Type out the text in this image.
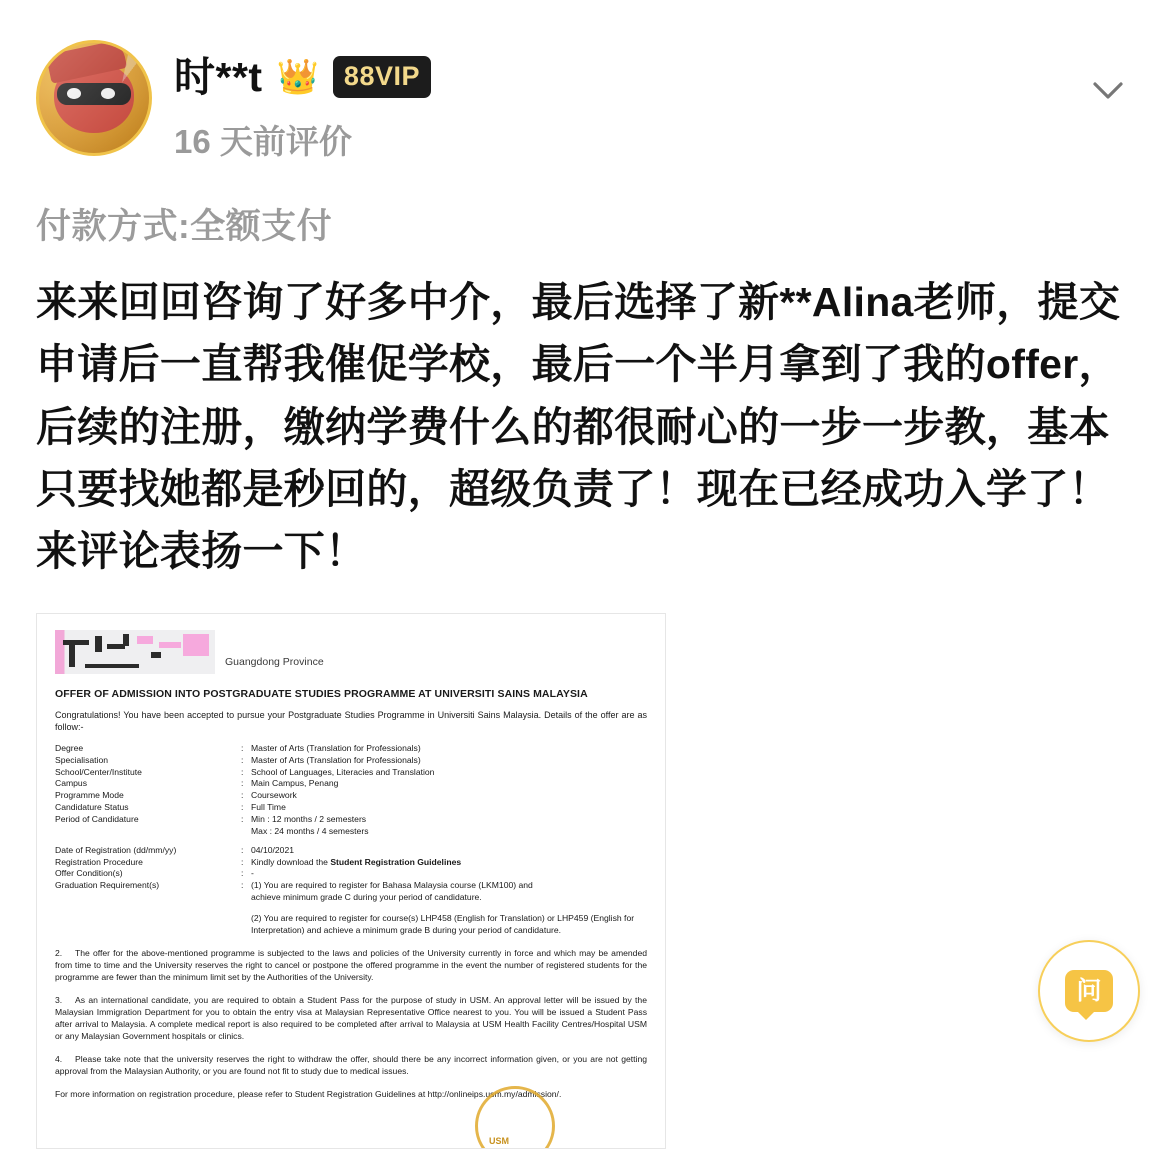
时**t 👑 88VIP
16 天前评价
付款方式:全额支付
来来回回咨询了好多中介，最后选择了新**Alina老师，提交申请后一直帮我催促学校，最后一个半月拿到了我的offer，后续的注册，缴纳学费什么的都很耐心的一步一步教，基本只要找她都是秒回的，超级负责了！现在已经成功入学了！来评论表扬一下！
Guangdong Province
OFFER OF ADMISSION INTO POSTGRADUATE STUDIES PROGRAMME AT UNIVERSITI SAINS MALAYSIA
Congratulations! You have been accepted to pursue your Postgraduate Studies Programme in Universiti Sains Malaysia. Details of the offer are as follow:-
Degree	: Master of Arts (Translation for Professionals)
Specialisation	: Master of Arts (Translation for Professionals)
School/Center/Institute	: School of Languages, Literacies and Translation
Campus	: Main Campus, Penang
Programme Mode	: Coursework
Candidature Status	: Full Time
Period of Candidature	: Min : 12 months / 2 semesters
Max : 24 months / 4 semesters
Date of Registration (dd/mm/yy)	: 04/10/2021
Registration Procedure	: Kindly download the Student Registration Guidelines
Offer Condition(s)	: -
Graduation Requirement(s)	: (1) You are required to register for Bahasa Malaysia course (LKM100) and
achieve minimum grade C during your period of candidature.
(2) You are required to register for course(s) LHP458 (English for Translation) or LHP459 (English for Interpretation) and achieve a minimum grade B during your period of candidature.
2. The offer for the above-mentioned programme is subjected to the laws and policies of the University currently in force and which may be amended from time to time and the University reserves the right to cancel or postpone the offered programme in the event the number of registered students for the programme are fewer than the minimum limit set by the Authorities of the University.
3. As an international candidate, you are required to obtain a Student Pass for the purpose of study in USM. An approval letter will be issued by the Malaysian Immigration Department for you to obtain the entry visa at Malaysian Representative Office nearest to you. You will be issued a Student Pass after arrival to Malaysia. A complete medical report is also required to be completed after arrival to Malaysia at USM Health Facility Centres/Hospital USM or any Malaysian Government hospitals or clinics.
4. Please take note that the university reserves the right to withdraw the offer, should there be any incorrect information given, or you are not getting approval from the Malaysian Authority, or you are found not fit to study due to medical issues.
For more information on registration procedure, please refer to Student Registration Guidelines at http://onlineips.usm.my/admission/.
USM
问
